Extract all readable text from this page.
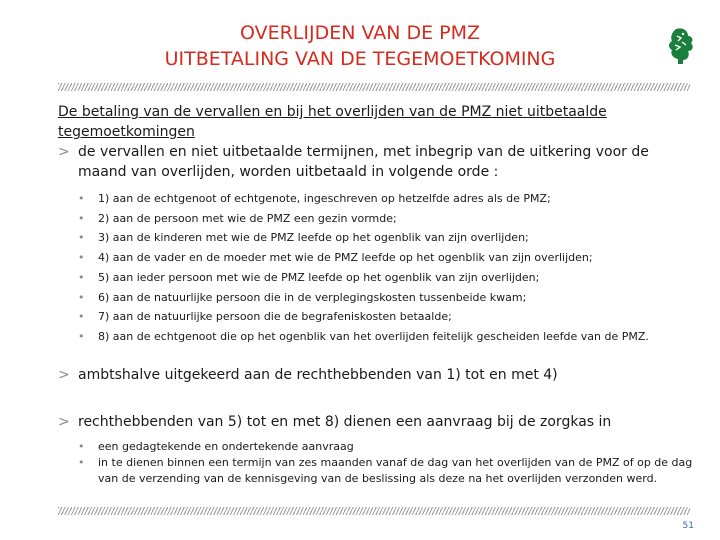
OVERLIJDEN VAN DE PMZ
UITBETALING VAN DE TEGEMOETKOMING

De betaling van de vervallen en bij het overlijden van de PMZ niet uitbetaalde tegemoetkomingen

> de vervallen en niet uitbetaalde termijnen, met inbegrip van de uitkering voor de maand van overlijden, worden uitbetaald in volgende orde :
• 1) aan de echtgenoot of echtgenote, ingeschreven op hetzelfde adres als de PMZ;
• 2) aan de persoon met wie de PMZ een gezin vormde;
• 3) aan de kinderen met wie de PMZ leefde op het ogenblik van zijn overlijden;
• 4) aan de vader en de moeder met wie de PMZ leefde op het ogenblik van zijn overlijden;
• 5) aan ieder persoon met wie de PMZ leefde op het ogenblik van zijn overlijden;
• 6) aan de natuurlijke persoon die in de verplegingskosten tussenbeide kwam;
• 7) aan de natuurlijke persoon die de begrafeniskosten betaalde;
• 8) aan de echtgenoot die op het ogenblik van het overlijden feitelijk gescheiden leefde van de PMZ.
> ambtshalve uitgekeerd aan de rechthebbenden van 1) tot en met 4)
> rechthebbenden van 5) tot en met 8) dienen een aanvraag bij de zorgkas in
• een gedagtekende en ondertekende aanvraag
• in te dienen binnen een termijn van zes maanden vanaf de dag van het overlijden van de PMZ of op de dag van de verzending van de kennisgeving van de beslissing als deze na het overlijden verzonden werd.
51
